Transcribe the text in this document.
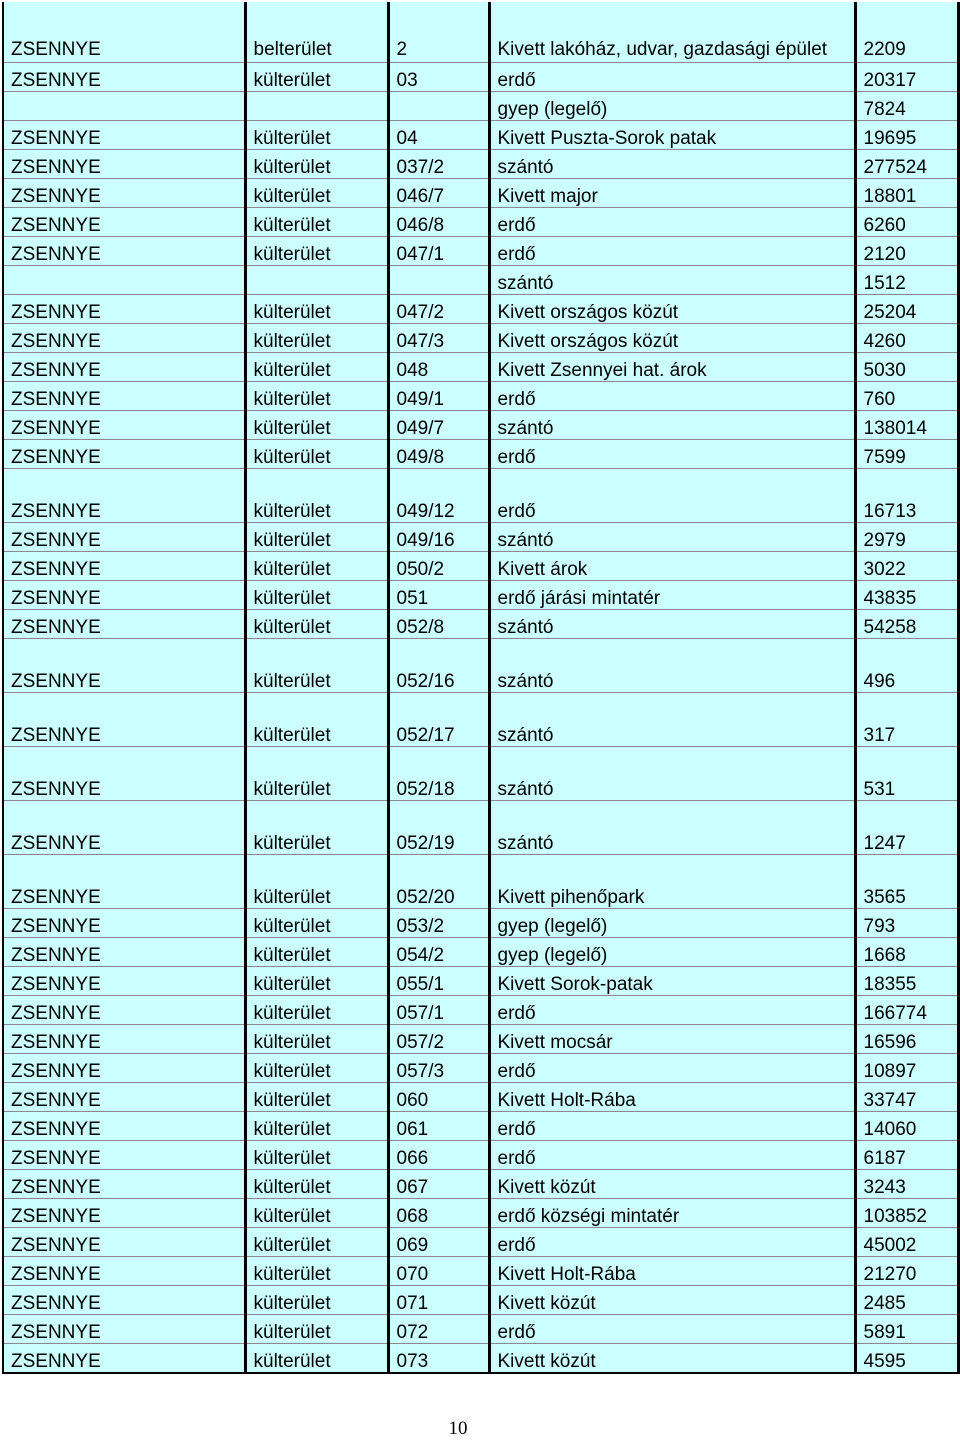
ZSENNYE	belterület	2	Kivett lakóház, udvar, gazdasági épület	2209
ZSENNYE	külterület	03	erdő	20317
			gyep (legelő)	7824
ZSENNYE	külterület	04	Kivett Puszta-Sorok patak	19695
ZSENNYE	külterület	037/2	szántó	277524
ZSENNYE	külterület	046/7	Kivett major	18801
ZSENNYE	külterület	046/8	erdő	6260
ZSENNYE	külterület	047/1	erdő	2120
			szántó	1512
ZSENNYE	külterület	047/2	Kivett országos közút	25204
ZSENNYE	külterület	047/3	Kivett országos közút	4260
ZSENNYE	külterület	048	Kivett Zsennyei hat. árok	5030
ZSENNYE	külterület	049/1	erdő	760
ZSENNYE	külterület	049/7	szántó	138014
ZSENNYE	külterület	049/8	erdő	7599
ZSENNYE	külterület	049/12	erdő	16713
ZSENNYE	külterület	049/16	szántó	2979
ZSENNYE	külterület	050/2	Kivett árok	3022
ZSENNYE	külterület	051	erdő járási mintatér	43835
ZSENNYE	külterület	052/8	szántó	54258
ZSENNYE	külterület	052/16	szántó	496
ZSENNYE	külterület	052/17	szántó	317
ZSENNYE	külterület	052/18	szántó	531
ZSENNYE	külterület	052/19	szántó	1247
ZSENNYE	külterület	052/20	Kivett pihenőpark	3565
ZSENNYE	külterület	053/2	gyep (legelő)	793
ZSENNYE	külterület	054/2	gyep (legelő)	1668
ZSENNYE	külterület	055/1	Kivett Sorok-patak	18355
ZSENNYE	külterület	057/1	erdő	166774
ZSENNYE	külterület	057/2	Kivett mocsár	16596
ZSENNYE	külterület	057/3	erdő	10897
ZSENNYE	külterület	060	Kivett Holt-Rába	33747
ZSENNYE	külterület	061	erdő	14060
ZSENNYE	külterület	066	erdő	6187
ZSENNYE	külterület	067	Kivett közút	3243
ZSENNYE	külterület	068	erdő községi mintatér	103852
ZSENNYE	külterület	069	erdő	45002
ZSENNYE	külterület	070	Kivett Holt-Rába	21270
ZSENNYE	külterület	071	Kivett közút	2485
ZSENNYE	külterület	072	erdő	5891
ZSENNYE	külterület	073	Kivett közút	4595
10
